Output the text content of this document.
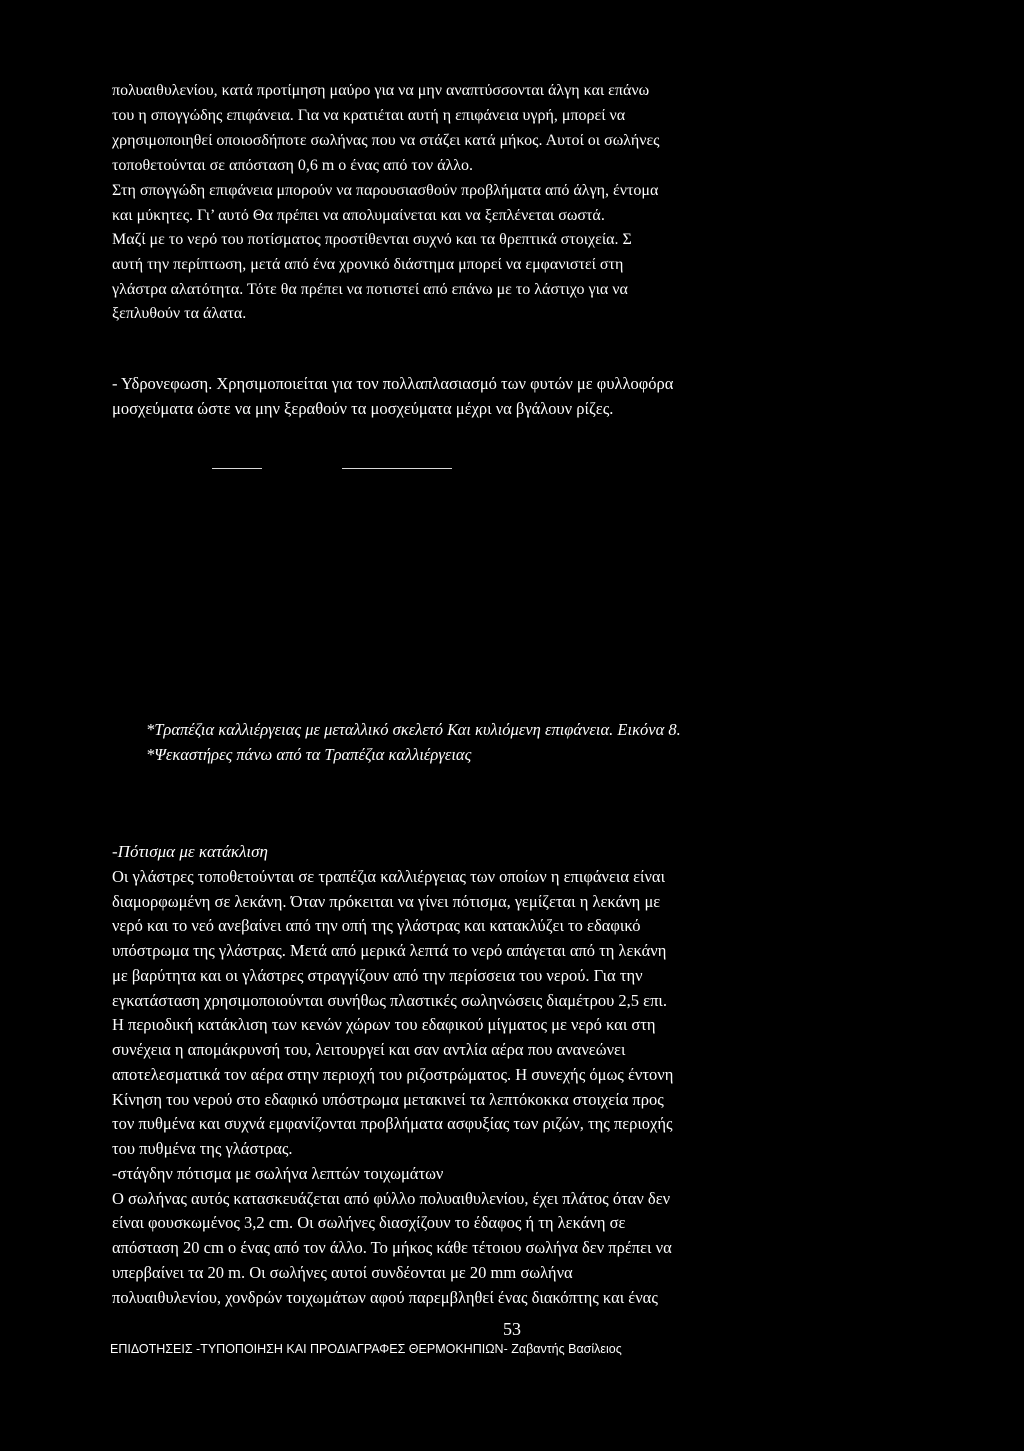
πολυαιθυλενίου, κατά προτίμηση μαύρο για να μην αναπτύσσονται άλγη και επάνω
του η σπογγώδης επιφάνεια. Για να κρατιέται αυτή η επιφάνεια υγρή, μπορεί να
χρησιμοποιηθεί οποιοσδήποτε σωλήνας που να στάζει κατά μήκος. Αυτοί οι σωλήνες
τοποθετούνται σε απόσταση 0,6 m ο ένας από τον άλλο.
Στη σπογγώδη επιφάνεια μπορούν να παρουσιασθούν προβλήματα από άλγη, έντομα
και μύκητες. Γι’ αυτό Θα πρέπει να απολυμαίνεται και να ξεπλένεται σωστά.
Μαζί με το νερό του ποτίσματος προστίθενται συχνό και τα θρεπτικά στοιχεία. Σ
αυτή την περίπτωση, μετά από ένα χρονικό διάστημα μπορεί να εμφανιστεί στη
γλάστρα αλατότητα. Τότε θα πρέπει να ποτιστεί από επάνω με το λάστιχο για να
ξεπλυθούν τα άλατα.
- Υδρονεφωση. Χρησιμοποιείται για τον πολλαπλασιασμό των φυτών με φυλλοφόρα
μοσχεύματα ώστε να μην ξεραθούν τα μοσχεύματα μέχρι να βγάλουν ρίζες.
*Τραπέζια καλλιέργειας με μεταλλικό σκελετό Και κυλιόμενη επιφάνεια. Εικόνα 8.
*Ψεκαστήρες πάνω από τα Τραπέζια καλλιέργειας
-Πότισμα με κατάκλιση
Οι γλάστρες τοποθετούνται σε τραπέζια καλλιέργειας των οποίων η επιφάνεια είναι
διαμορφωμένη σε λεκάνη. Όταν πρόκειται να γίνει πότισμα, γεμίζεται η λεκάνη με
νερό και το νεό ανεβαίνει από την οπή της γλάστρας και κατακλύζει το εδαφικό
υπόστρωμα της γλάστρας. Μετά από μερικά λεπτά το νερό απάγεται από τη λεκάνη
με βαρύτητα και οι γλάστρες στραγγίζουν από την περίσσεια του νερού. Για την
εγκατάσταση χρησιμοποιούνται συνήθως πλαστικές σωληνώσεις διαμέτρου 2,5 επι.
Η περιοδική κατάκλιση των κενών χώρων του εδαφικού μίγματος με νερό και στη
συνέχεια η απομάκρυνσή του, λειτουργεί και σαν αντλία αέρα που ανανεώνει
αποτελεσματικά τον αέρα στην περιοχή του ριζοστρώματος. Η συνεχής όμως έντονη
Κίνηση του νερού στο εδαφικό υπόστρωμα μετακινεί τα λεπτόκοκκα στοιχεία προς
τον πυθμένα και συχνά εμφανίζονται προβλήματα ασφυξίας των ριζών, της περιοχής
του πυθμένα της γλάστρας.
-στάγδην πότισμα με σωλήνα λεπτών τοιχωμάτων
Ο σωλήνας αυτός κατασκευάζεται από φύλλο πολυαιθυλενίου, έχει πλάτος όταν δεν
είναι φουσκωμένος 3,2 cm. Οι σωλήνες διασχίζουν το έδαφος ή τη λεκάνη σε
απόσταση 20 cm ο ένας από τον άλλο. Το μήκος κάθε τέτοιου σωλήνα δεν πρέπει να
υπερβαίνει τα 20 m. Οι σωλήνες αυτοί συνδέονται με 20 mm σωλήνα
πολυαιθυλενίου, χονδρών τοιχωμάτων αφού παρεμβληθεί ένας διακόπτης και ένας
53
ΕΠΙΔΟΤΗΣΕΙΣ -ΤΥΠΟΠΟΙΗΣΗ ΚΑΙ ΠΡΟΔΙΑΓΡΑΦΕΣ ΘΕΡΜΟΚΗΠΙΩΝ- Ζαβαντής Βασίλειος
